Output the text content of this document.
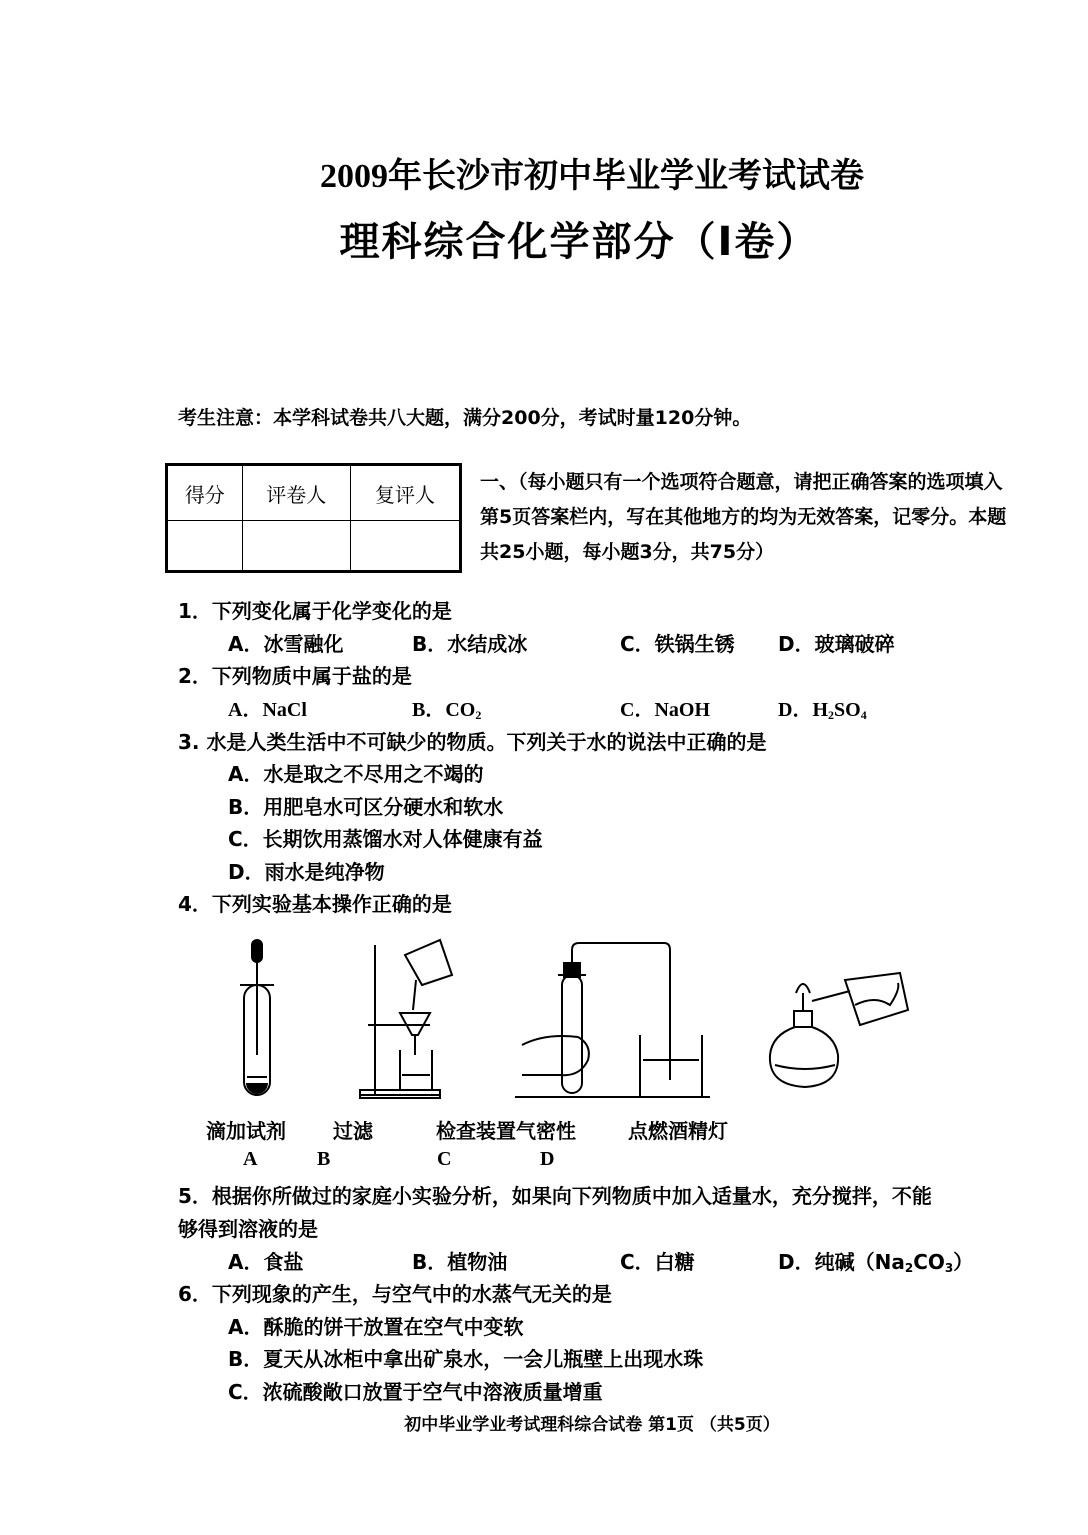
2009年长沙市初中毕业学业考试试卷
理科综合化学部分（Ⅰ卷）
考生注意：本学科试卷共八大题，满分200分，考试时量120分钟。
得分	评卷人	复评人

一、（每小题只有一个选项符合题意，请把正确答案的选项填入第5页答案栏内，写在其他地方的均为无效答案，记零分。本题共25小题，每小题3分，共75分）
1．下列变化属于化学变化的是
A．冰雪融化	B．水结成冰	C．铁锅生锈 D．玻璃破碎
2．下列物质中属于盐的是
A．NaCl	B．$CO_2$	C．NaOH	D．$H_2SO_4$
3. 水是人类生活中不可缺少的物质。下列关于水的说法中正确的是
A．水是取之不尽用之不竭的
B．用肥皂水可区分硬水和软水
C．长期饮用蒸馏水对人体健康有益
D．雨水是纯净物
4．下列实验基本操作正确的是
滴加试剂 过滤	检查装置气密性	点燃酒精灯
A	B	C	D
5．根据你所做过的家庭小实验分析，如果向下列物质中加入适量水，充分搅拌，不能
够得到溶液的是
A．食盐	B．植物油	C．白糖	D．纯碱$(Na_2CO_3)$
6．下列现象的产生，与空气中的水蒸气无关的是
A．酥脆的饼干放置在空气中变软
B．夏天从冰柜中拿出矿泉水，一会儿瓶壁上出现水珠
C．浓硫酸敞口放置于空气中溶液质量增重
初中毕业学业考试理科综合试卷 第1页 （共5页）
